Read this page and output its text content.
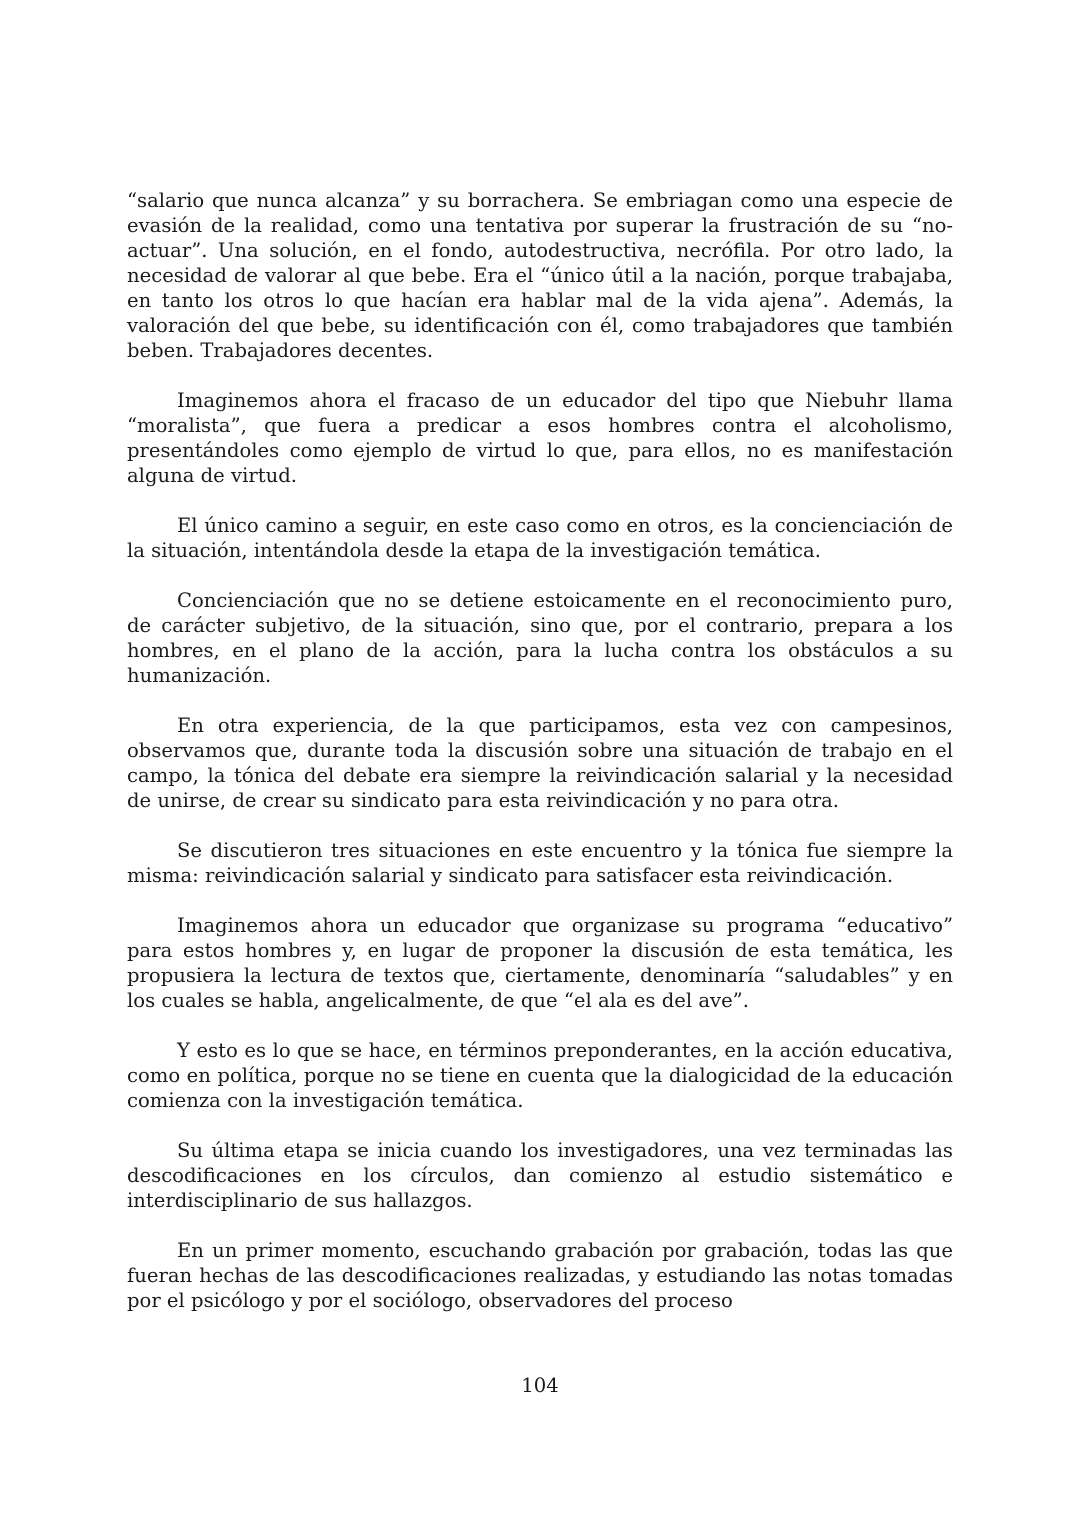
“salario que nunca alcanza” y su borrachera. Se embriagan como una especie de evasión de la realidad, como una tentativa por superar la frustración de su “no-actuar”. Una solución, en el fondo, autodestructiva, necrófila. Por otro lado, la necesidad de valorar al que bebe. Era el “único útil a la nación, porque trabajaba, en tanto los otros lo que hacían era hablar mal de la vida ajena”. Además, la valoración del que bebe, su identificación con él, como trabajadores que también beben. Trabajadores decentes.

Imaginemos ahora el fracaso de un educador del tipo que Niebuhr llama “moralista”, que fuera a predicar a esos hombres contra el alcoholismo, presentándoles como ejemplo de virtud lo que, para ellos, no es manifestación alguna de virtud.

El único camino a seguir, en este caso como en otros, es la concienciación de la situación, intentándola desde la etapa de la investigación temática.

Concienciación que no se detiene estoicamente en el reconocimiento puro, de carácter subjetivo, de la situación, sino que, por el contrario, prepara a los hombres, en el plano de la acción, para la lucha contra los obstáculos a su humanización.

En otra experiencia, de la que participamos, esta vez con campesinos, observamos que, durante toda la discusión sobre una situación de trabajo en el campo, la tónica del debate era siempre la reivindicación salarial y la necesidad de unirse, de crear su sindicato para esta reivindicación y no para otra.

Se discutieron tres situaciones en este encuentro y la tónica fue siempre la misma: reivindicación salarial y sindicato para satisfacer esta reivindicación.

Imaginemos ahora un educador que organizase su programa “educativo” para estos hombres y, en lugar de proponer la discusión de esta temática, les propusiera la lectura de textos que, ciertamente, denominaría “saludables” y en los cuales se habla, angelicalmente, de que “el ala es del ave”.

Y esto es lo que se hace, en términos preponderantes, en la acción educativa, como en política, porque no se tiene en cuenta que la dialogicidad de la educación comienza con la investigación temática.

Su última etapa se inicia cuando los investigadores, una vez terminadas las descodificaciones en los círculos, dan comienzo al estudio sistemático e interdisciplinario de sus hallazgos.

En un primer momento, escuchando grabación por grabación, todas las que fueran hechas de las descodificaciones realizadas, y estudiando las notas tomadas por el psicólogo y por el sociólogo, observadores del proceso

104
